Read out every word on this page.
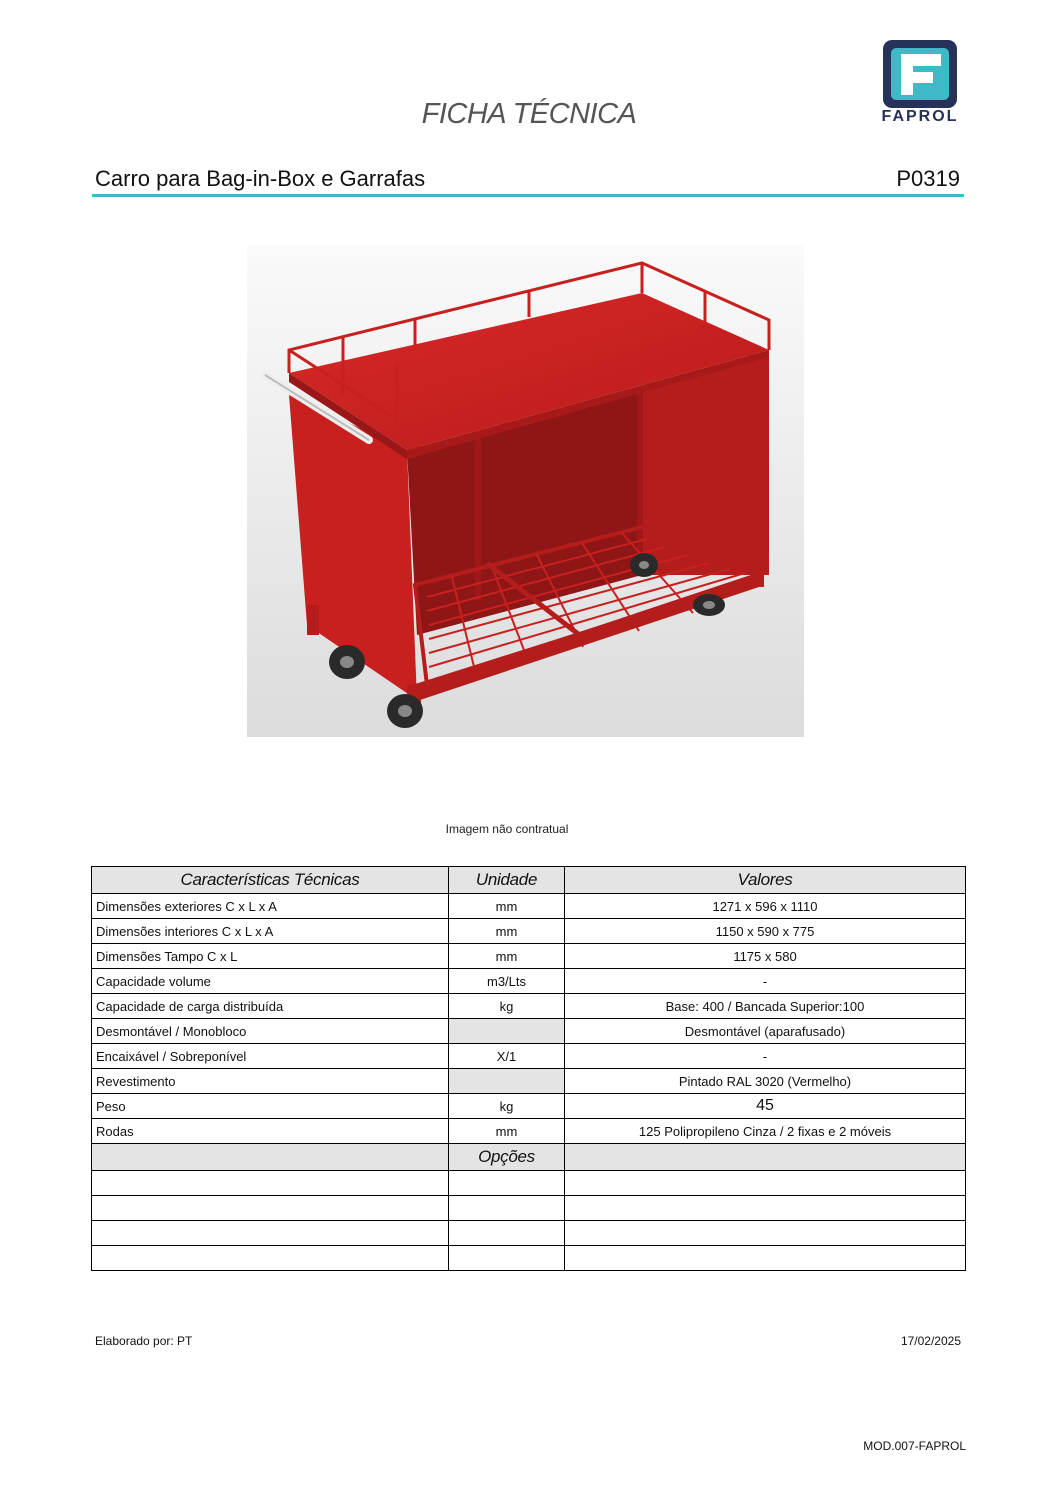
FICHA TÉCNICA	FAPROL
Carro para Bag-in-Box e Garrafas	P0319
Imagem não contratual
Características Técnicas	Unidade	Valores
Dimensões exteriores C x L x A	mm	1271 x 596 x 1110
Dimensões interiores C x L x A	mm	1150 x 590 x 775
Dimensões Tampo C x L	mm	1175 x 580
Capacidade volume	m3/Lts	-
Capacidade de carga distribuída	kg	Base: 400 / Bancada Superior:100
Desmontável / Monobloco		Desmontável (aparafusado)
Encaixável / Sobreponível	X/1	-
Revestimento		Pintado RAL 3020 (Vermelho)
Peso	kg	45
Rodas	mm	125 Polipropileno Cinza / 2 fixas e 2 móveis
	Opções	

Elaborado por: PT	17/02/2025
MOD.007-FAPROL
